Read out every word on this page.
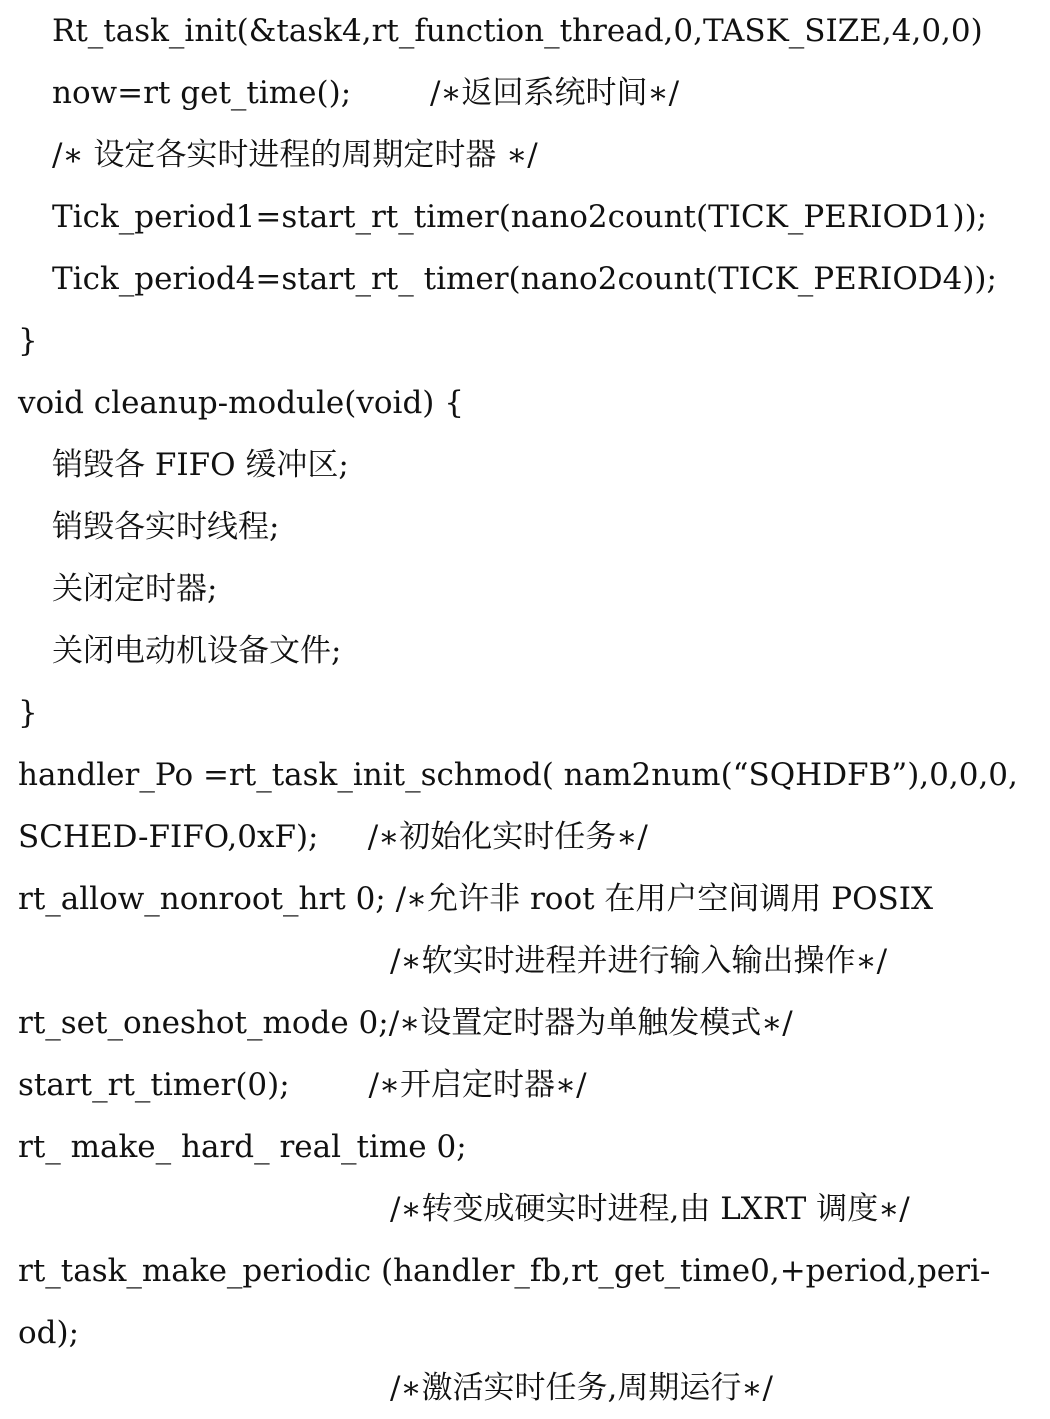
Rt_task_init(&task4,rt_function_thread,0,TASK_SIZE,4,0,0)
now=rt get_time();        /∗返回系统时间∗/
/∗ 设定各实时进程的周期定时器 ∗/
Tick_period1=start_rt_timer(nano2count(TICK_PERIOD1));
Tick_period4=start_rt_ timer(nano2count(TICK_PERIOD4));
}
void cleanup-module(void) {
销毁各 FIFO 缓冲区;
销毁各实时线程;
关闭定时器;
关闭电动机设备文件;
}
handler_Po =rt_task_init_schmod( nam2num(“SQHDFB”),0,0,0,
SCHED-FIFO,0xF);     /∗初始化实时任务∗/
rt_allow_nonroot_hrt 0; /∗允许非 root 在用户空间调用 POSIX
/∗软实时进程并进行输入输出操作∗/
rt_set_oneshot_mode 0;/∗设置定时器为单触发模式∗/
start_rt_timer(0);        /∗开启定时器∗/
rt_ make_ hard_ real_time 0;
/∗转变成硬实时进程,由 LXRT 调度∗/
rt_task_make_periodic (handler_fb,rt_get_time0,+period,peri-
od);
/∗激活实时任务,周期运行∗/
